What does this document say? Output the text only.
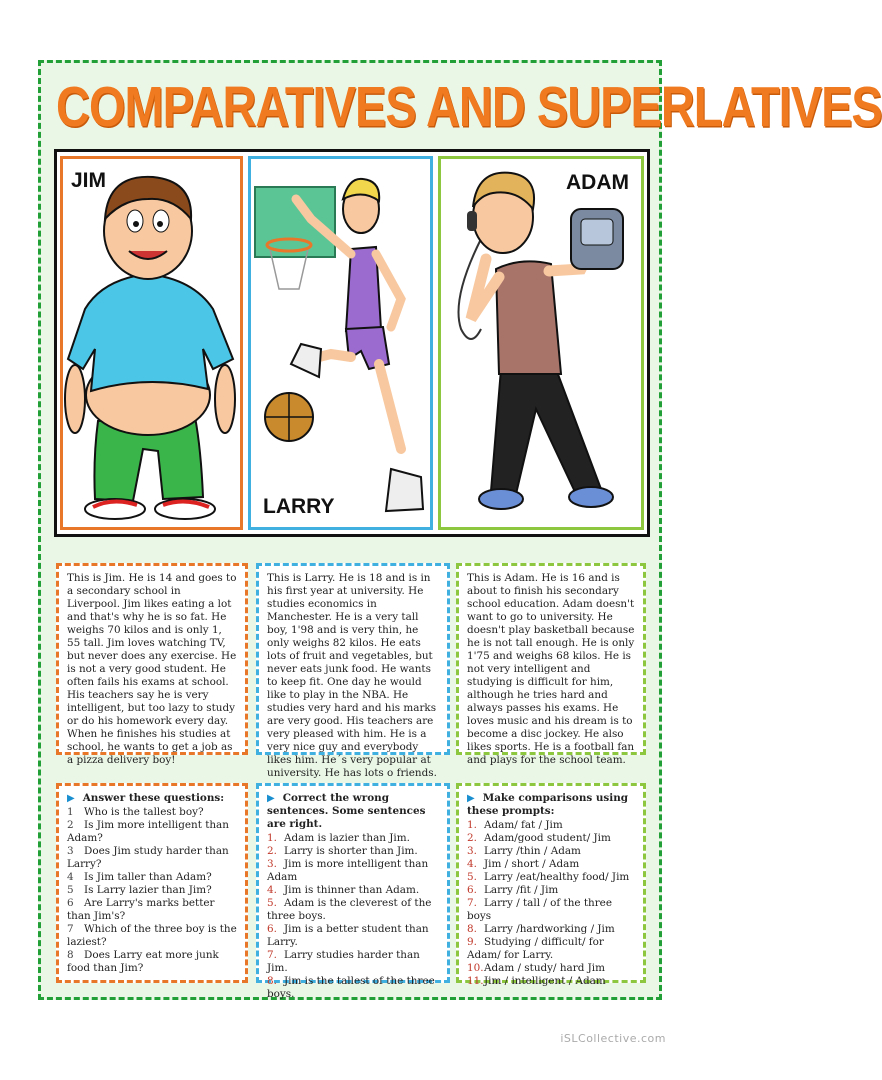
COMPARATIVES AND SUPERLATIVES
JIM
LARRY
ADAM
This is Jim. He is 14 and goes to a secondary school in Liverpool. Jim likes eating a lot and that's why he is so fat. He weighs 70 kilos and is only 1, 55 tall. Jim loves watching TV, but never does any exercise. He is not a very good student. He often fails his exams at school. His teachers say he is very intelligent, but too lazy to study or do his homework every day. When he finishes his studies at school, he wants to get a job as a pizza delivery boy!
This is Larry. He is 18 and is in his first year at university. He studies economics in Manchester. He is a very tall boy, 1'98 and is very thin, he only weighs 82 kilos. He eats lots of fruit and vegetables, but never eats junk food. He wants to keep fit. One day he would like to play in the NBA. He studies very hard and his marks are very good. His teachers are very pleased with him. He is a very nice guy and everybody likes him. He´s very popular at university. He has lots o friends.
This is Adam. He is 16 and is about to finish his secondary school education. Adam doesn't want to go to university. He doesn't play basketball because he is not tall enough. He is only 1'75 and weighs 68 kilos. He is not very intelligent and studying is difficult for him, although he tries hard and always passes his exams. He loves music and his dream is to become a disc jockey. He also likes sports. He is a football fan and plays for the school team.
▶ Answer these questions:
1 Who is the tallest boy?
2 Is Jim more intelligent than Adam?
3 Does Jim study harder than Larry?
4 Is Jim taller than Adam?
5 Is Larry lazier than Jim?
6 Are Larry's marks better than Jim's?
7 Which of the three boy is the laziest?
8 Does Larry eat more junk food than Jim?
▶ Correct the wrong sentences. Some sentences are right.
1. Adam is lazier than Jim.
2. Larry is shorter than Jim.
3. Jim is more intelligent than Adam
4. Jim is thinner than Adam.
5. Adam is the cleverest of the three boys.
6. Jim is a better student than Larry.
7. Larry studies harder than Jim.
8. Jim is the tallest of the three boys.
▶ Make comparisons using these prompts:
1. Adam/ fat / Jim
2. Adam/good student/ Jim
3. Larry /thin / Adam
4. Jim / short / Adam
5. Larry /eat/healthy food/ Jim
6. Larry /fit / Jim
7. Larry / tall / of the three boys
8. Larry /hardworking / Jim
9. Studying / difficult/ for Adam/ for Larry.
10.Adam / study/ hard Jim
11.Jim / intelligent / Adam
iSLCollective.com
